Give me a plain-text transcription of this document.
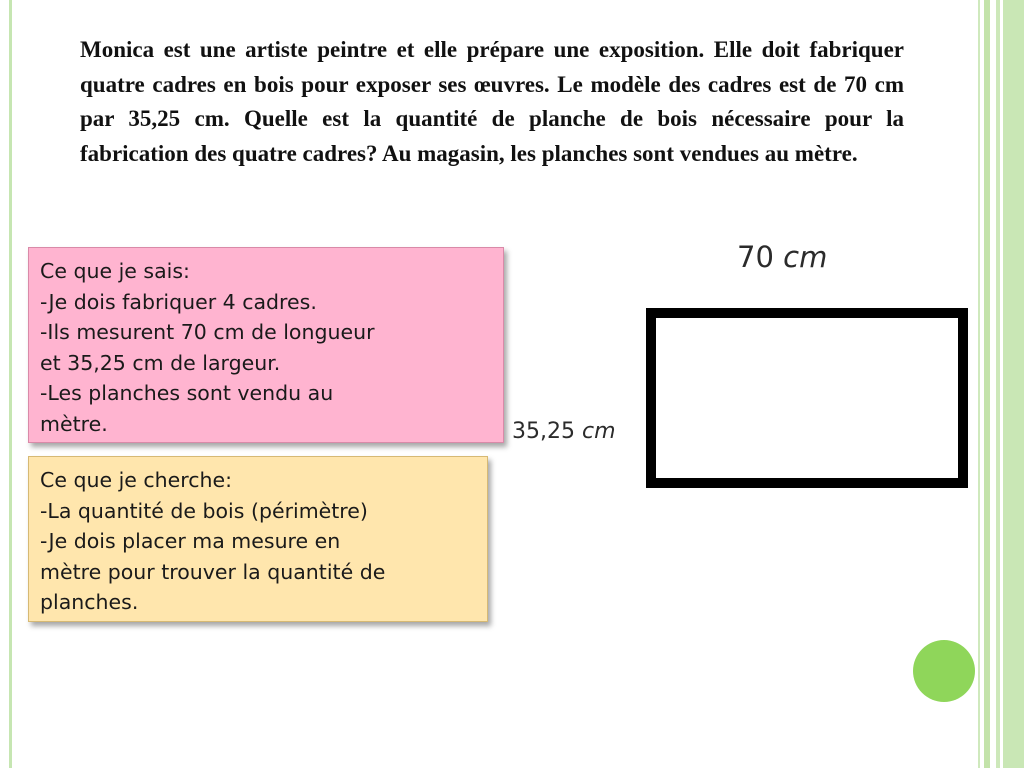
Monica est une artiste peintre et elle prépare une exposition. Elle doit fabriquer quatre cadres en bois pour exposer ses œuvres. Le modèle des cadres est de 70 cm par 35,25 cm. Quelle est la quantité de planche de bois nécessaire pour la fabrication des quatre cadres? Au magasin, les planches sont vendues au mètre.

Ce que je sais:
-Je dois fabriquer 4 cadres.
-Ils mesurent 70 cm de longueur
et 35,25 cm de largeur.
-Les planches sont vendu au
mètre.
Ce que je cherche:
-La quantité de bois (périmètre)
-Je dois placer ma mesure en
mètre pour trouver la quantité de
planches.
70 cm
35,25 cm
